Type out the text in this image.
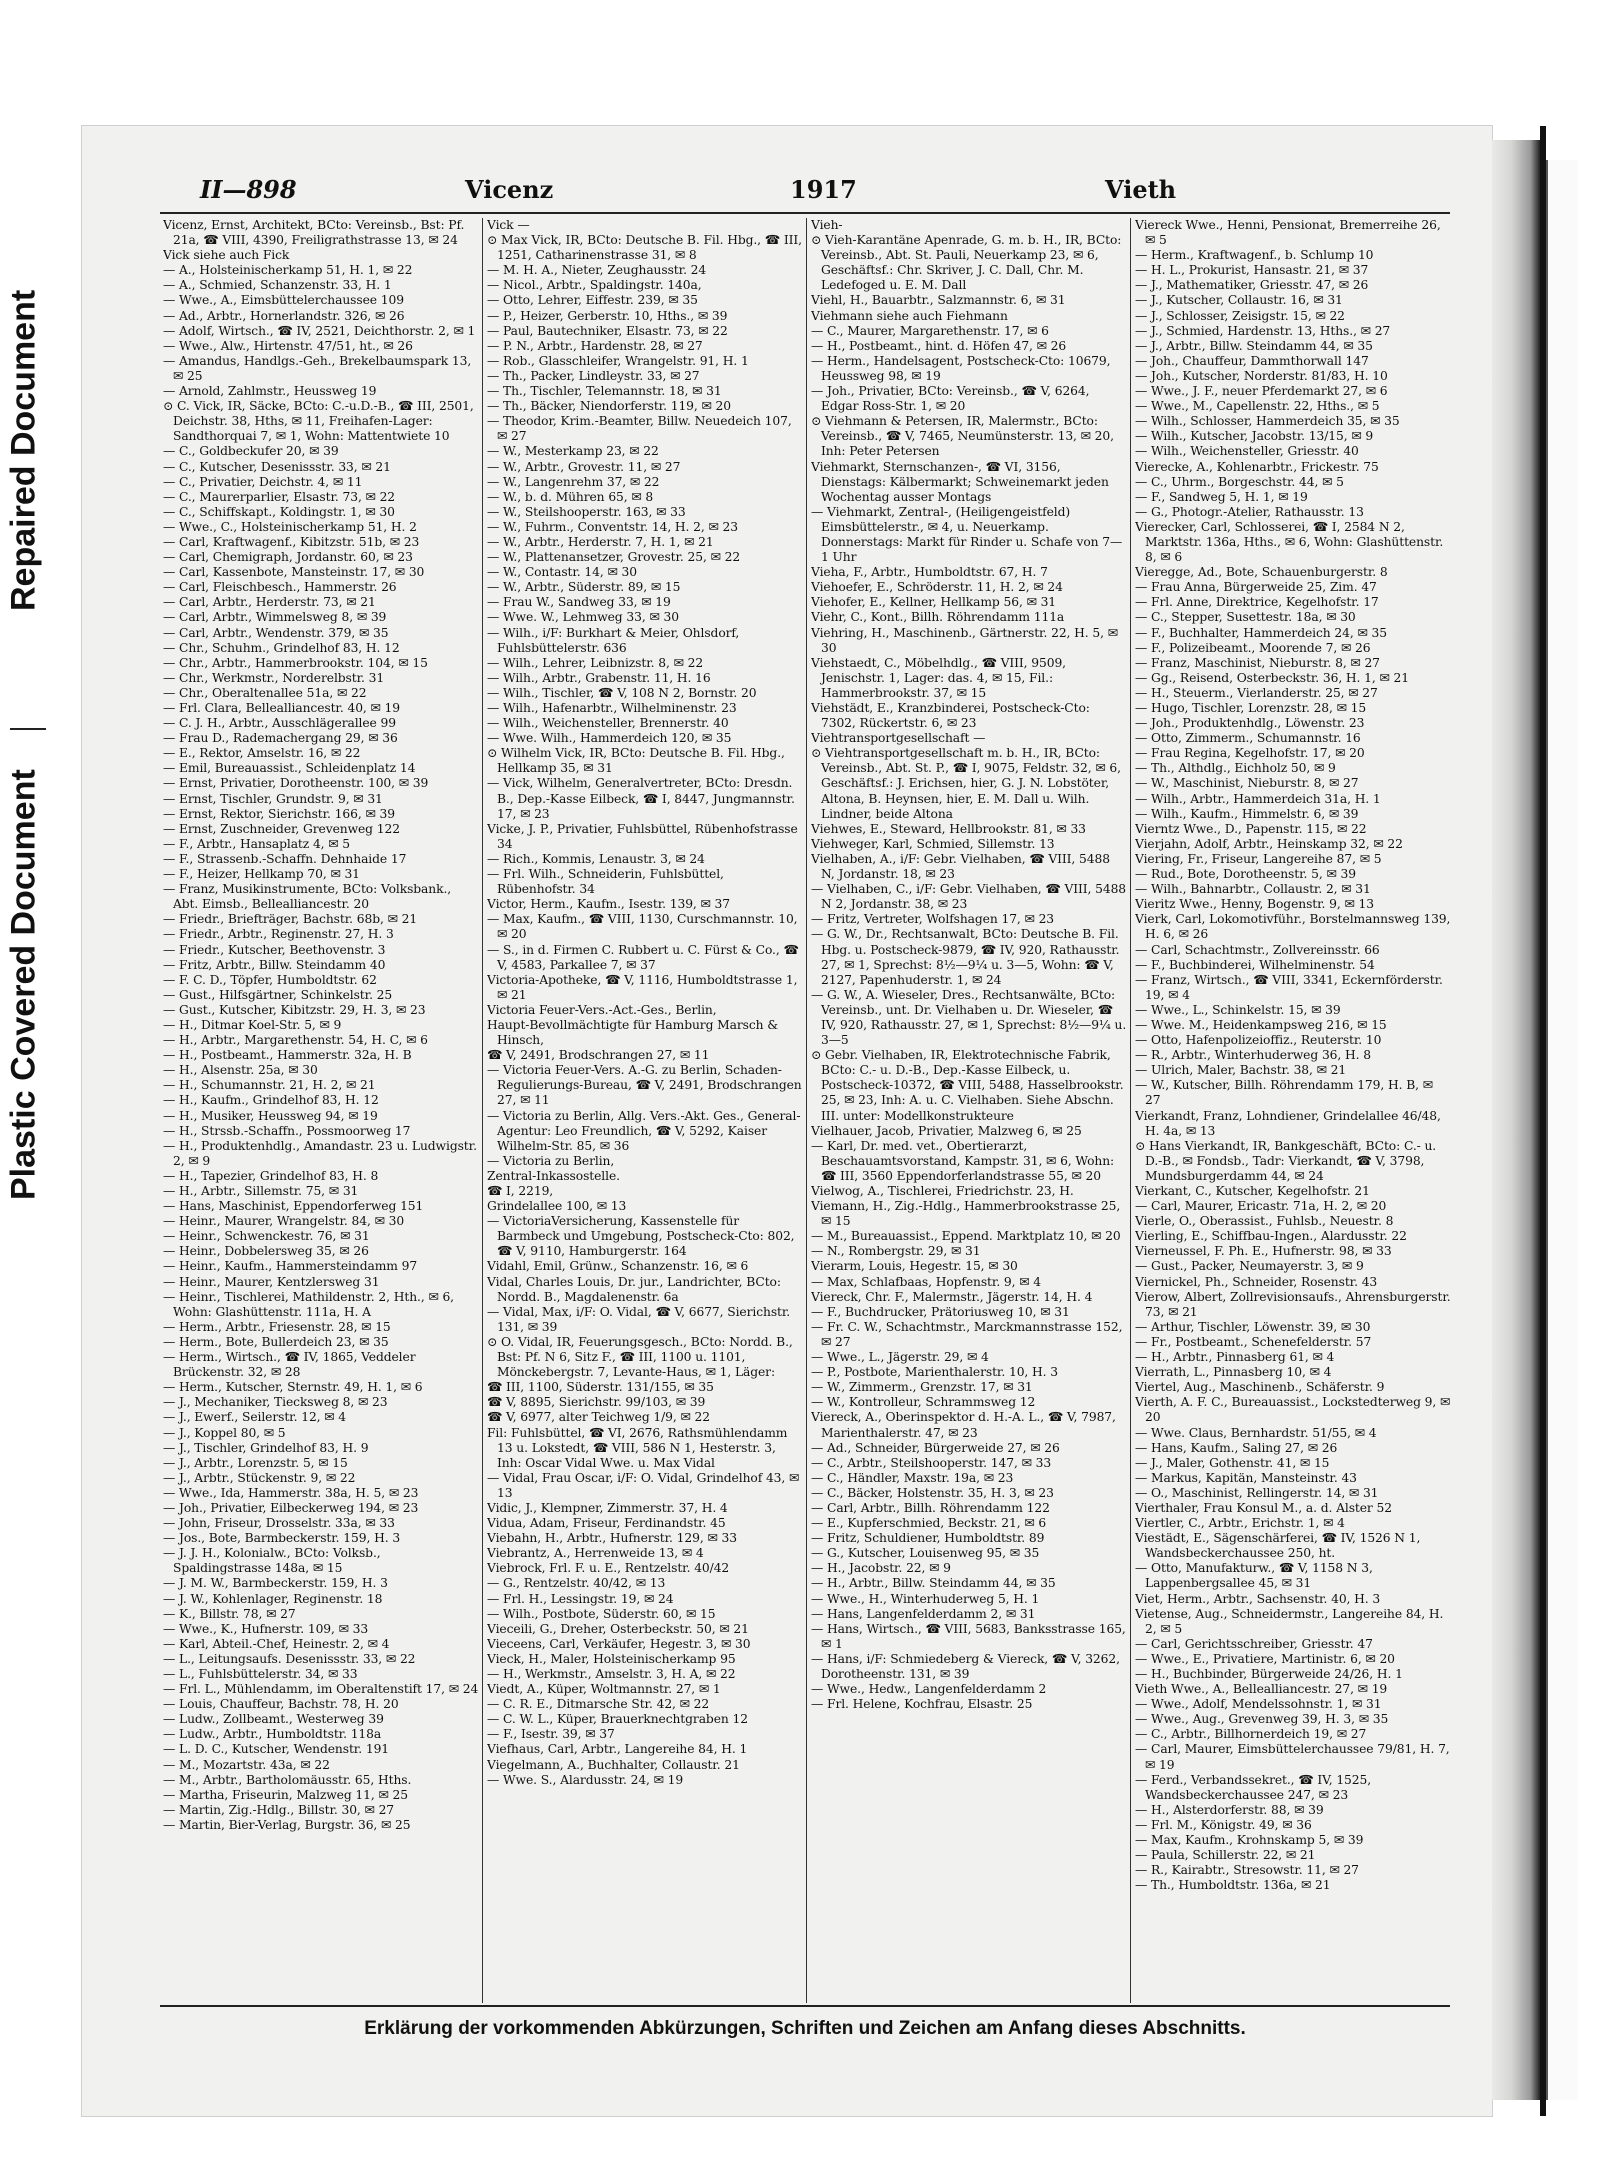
Repaired Document
Plastic Covered Document
II—898	Vicenz	1917	Vieth

Vicenz, Ernst, Architekt, BCto: Vereinsb., Bst: Pf. 21a, ☎ VIII, 4390, Freiligrathstrasse 13, ✉ 24

Vick siehe auch Fick

— A., Holsteinischerkamp 51, H. 1, ✉ 22

— A., Schmied, Schanzenstr. 33, H. 1

— Wwe., A., Eimsbüttelerchaussee 109

— Ad., Arbtr., Hornerlandstr. 326, ✉ 26

— Adolf, Wirtsch., ☎ IV, 2521, Deichthorstr. 2, ✉ 1

— Wwe., Alw., Hirtenstr. 47/51, ht., ✉ 26

— Amandus, Handlgs.-Geh., Brekelbaumspark 13, ✉ 25

— Arnold, Zahlmstr., Heussweg 19

⊙ C. Vick, IR, Säcke, BCto: C.-u.D.-B., ☎ III, 2501, Deichstr. 38, Hths, ✉ 11, Freihafen-Lager: Sandthorquai 7, ✉ 1, Wohn: Mattentwiete 10

— C., Goldbeckufer 20, ✉ 39

— C., Kutscher, Desenissstr. 33, ✉ 21

— C., Privatier, Deichstr. 4, ✉ 11

— C., Maurerparlier, Elsastr. 73, ✉ 22

— C., Schiffskapt., Koldingstr. 1, ✉ 30

— Wwe., C., Holsteinischerkamp 51, H. 2

— Carl, Kraftwagenf., Kibitzstr. 51b, ✉ 23

— Carl, Chemigraph, Jordanstr. 60, ✉ 23

— Carl, Kassenbote, Mansteinstr. 17, ✉ 30

— Carl, Fleischbesch., Hammerstr. 26

— Carl, Arbtr., Herderstr. 73, ✉ 21

— Carl, Arbtr., Wimmelsweg 8, ✉ 39

— Carl, Arbtr., Wendenstr. 379, ✉ 35

— Chr., Schuhm., Grindelhof 83, H. 12

— Chr., Arbtr., Hammerbrookstr. 104, ✉ 15

— Chr., Werkmstr., Norderelbstr. 31

— Chr., Oberaltenallee 51a, ✉ 22

— Frl. Clara, Bellealliancestr. 40, ✉ 19

— C. J. H., Arbtr., Ausschlägerallee 99

— Frau D., Rademachergang 29, ✉ 36

— E., Rektor, Amselstr. 16, ✉ 22

— Emil, Bureauassist., Schleidenplatz 14

— Ernst, Privatier, Dorotheenstr. 100, ✉ 39

— Ernst, Tischler, Grundstr. 9, ✉ 31

— Ernst, Rektor, Sierichstr. 166, ✉ 39

— Ernst, Zuschneider, Grevenweg 122

— F., Arbtr., Hansaplatz 4, ✉ 5

— F., Strassenb.-Schaffn. Dehnhaide 17

— F., Heizer, Hellkamp 70, ✉ 31

— Franz, Musikinstrumente, BCto: Volksbank., Abt. Eimsb., Bellealliancestr. 20

— Friedr., Briefträger, Bachstr. 68b, ✉ 21

— Friedr., Arbtr., Reginenstr. 27, H. 3

— Friedr., Kutscher, Beethovenstr. 3

— Fritz, Arbtr., Billw. Steindamm 40

— F. C. D., Töpfer, Humboldtstr. 62

— Gust., Hilfsgärtner, Schinkelstr. 25

— Gust., Kutscher, Kibitzstr. 29, H. 3, ✉ 23

— H., Ditmar Koel-Str. 5, ✉ 9

— H., Arbtr., Margarethenstr. 54, H. C, ✉ 6

— H., Postbeamt., Hammerstr. 32a, H. B

— H., Alsenstr. 25a, ✉ 30

— H., Schumannstr. 21, H. 2, ✉ 21

— H., Kaufm., Grindelhof 83, H. 12

— H., Musiker, Heussweg 94, ✉ 19

— H., Strssb.-Schaffn., Possmoorweg 17

— H., Produktenhdlg., Amandastr. 23 u. Ludwigstr. 2, ✉ 9

— H., Tapezier, Grindelhof 83, H. 8

— H., Arbtr., Sillemstr. 75, ✉ 31

— Hans, Maschinist, Eppendorferweg 151

— Heinr., Maurer, Wrangelstr. 84, ✉ 30

— Heinr., Schwenckestr. 76, ✉ 31

— Heinr., Dobbelersweg 35, ✉ 26

— Heinr., Kaufm., Hammersteindamm 97

— Heinr., Maurer, Kentzlersweg 31

— Heinr., Tischlerei, Mathildenstr. 2, Hth., ✉ 6, Wohn: Glashüttenstr. 111a, H. A

— Herm., Arbtr., Friesenstr. 28, ✉ 15

— Herm., Bote, Bullerdeich 23, ✉ 35

— Herm., Wirtsch., ☎ IV, 1865, Veddeler Brückenstr. 32, ✉ 28

— Herm., Kutscher, Sternstr. 49, H. 1, ✉ 6

— J., Mechaniker, Tiecksweg 8, ✉ 23

— J., Ewerf., Seilerstr. 12, ✉ 4

— J., Koppel 80, ✉ 5

— J., Tischler, Grindelhof 83, H. 9

— J., Arbtr., Lorenzstr. 5, ✉ 15

— J., Arbtr., Stückenstr. 9, ✉ 22

— Wwe., Ida, Hammerstr. 38a, H. 5, ✉ 23

— Joh., Privatier, Eilbeckerweg 194, ✉ 23

— John, Friseur, Drosselstr. 33a, ✉ 33

— Jos., Bote, Barmbeckerstr. 159, H. 3

— J. J. H., Kolonialw., BCto: Volksb., Spaldingstrasse 148a, ✉ 15

— J. M. W., Barmbeckerstr. 159, H. 3

— J. W., Kohlenlager, Reginenstr. 18

— K., Billstr. 78, ✉ 27

— Wwe., K., Hufnerstr. 109, ✉ 33

— Karl, Abteil.-Chef, Heinestr. 2, ✉ 4

— L., Leitungsaufs. Desenissstr. 33, ✉ 22

— L., Fuhlsbüttelerstr. 34, ✉ 33

— Frl. L., Mühlendamm, im Oberaltenstift 17, ✉ 24

— Louis, Chauffeur, Bachstr. 78, H. 20

— Ludw., Zollbeamt., Westerweg 39

— Ludw., Arbtr., Humboldtstr. 118a

— L. D. C., Kutscher, Wendenstr. 191

— M., Mozartstr. 43a, ✉ 22

— M., Arbtr., Bartholomäusstr. 65, Hths.

— Martha, Friseurin, Malzweg 11, ✉ 25

— Martin, Zig.-Hdlg., Billstr. 30, ✉ 27

— Martin, Bier-Verlag, Burgstr. 36, ✉ 25

Vick —

⊙ Max Vick, IR, BCto: Deutsche B. Fil. Hbg., ☎ III, 1251, Catharinenstrasse 31, ✉ 8

— M. H. A., Nieter, Zeughausstr. 24

— Nicol., Arbtr., Spaldingstr. 140a,

— Otto, Lehrer, Eiffestr. 239, ✉ 35

— P., Heizer, Gerberstr. 10, Hths., ✉ 39

— Paul, Bautechniker, Elsastr. 73, ✉ 22

— P. N., Arbtr., Hardenstr. 28, ✉ 27

— Rob., Glasschleifer, Wrangelstr. 91, H. 1

— Th., Packer, Lindleystr. 33, ✉ 27

— Th., Tischler, Telemannstr. 18, ✉ 31

— Th., Bäcker, Niendorferstr. 119, ✉ 20

— Theodor, Krim.-Beamter, Billw. Neuedeich 107, ✉ 27

— W., Mesterkamp 23, ✉ 22

— W., Arbtr., Grovestr. 11, ✉ 27

— W., Langenrehm 37, ✉ 22

— W., b. d. Mühren 65, ✉ 8

— W., Steilshooperstr. 163, ✉ 33

— W., Fuhrm., Conventstr. 14, H. 2, ✉ 23

— W., Arbtr., Herderstr. 7, H. 1, ✉ 21

— W., Plattenansetzer, Grovestr. 25, ✉ 22

— W., Contastr. 14, ✉ 30

— W., Arbtr., Süderstr. 89, ✉ 15

— Frau W., Sandweg 33, ✉ 19

— Wwe. W., Lehmweg 33, ✉ 30

— Wilh., i/F: Burkhart & Meier, Ohlsdorf, Fuhlsbüttelerstr. 636

— Wilh., Lehrer, Leibnizstr. 8, ✉ 22

— Wilh., Arbtr., Grabenstr. 11, H. 16

— Wilh., Tischler, ☎ V, 108 N 2, Bornstr. 20

— Wilh., Hafenarbtr., Wilhelminenstr. 23

— Wilh., Weichensteller, Brennerstr. 40

— Wwe. Wilh., Hammerdeich 120, ✉ 35

⊙ Wilhelm Vick, IR, BCto: Deutsche B. Fil. Hbg., Hellkamp 35, ✉ 31

— Vick, Wilhelm, Generalvertreter, BCto: Dresdn. B., Dep.-Kasse Eilbeck, ☎ I, 8447, Jungmannstr. 17, ✉ 23

Vicke, J. P., Privatier, Fuhlsbüttel, Rübenhofstrasse 34

— Rich., Kommis, Lenaustr. 3, ✉ 24

— Frl. Wilh., Schneiderin, Fuhlsbüttel, Rübenhofstr. 34

Victor, Herm., Kaufm., Isestr. 139, ✉ 37

— Max, Kaufm., ☎ VIII, 1130, Curschmannstr. 10, ✉ 20

— S., in d. Firmen C. Rubbert u. C. Fürst & Co., ☎ V, 4583, Parkallee 7, ✉ 37

Victoria-Apotheke, ☎ V, 1116, Humboldtstrasse 1, ✉ 21

Victoria Feuer-Vers.-Act.-Ges., Berlin,

Haupt-Bevollmächtigte für Hamburg Marsch & Hinsch,

☎ V, 2491, Brodschrangen 27, ✉ 11

— Victoria Feuer-Vers. A.-G. zu Berlin, Schaden-Regulierungs-Bureau, ☎ V, 2491, Brodschrangen 27, ✉ 11

— Victoria zu Berlin, Allg. Vers.-Akt. Ges., General-Agentur: Leo Freundlich, ☎ V, 5292, Kaiser Wilhelm-Str. 85, ✉ 36

— Victoria zu Berlin,

Zentral-Inkassostelle.

☎ I, 2219,

Grindelallee 100, ✉ 13

— VictoriaVersicherung, Kassenstelle für Barmbeck und Umgebung, Postscheck-Cto: 802, ☎ V, 9110, Hamburgerstr. 164

Vidahl, Emil, Grünw., Schanzenstr. 16, ✉ 6

Vidal, Charles Louis, Dr. jur., Landrichter, BCto: Nordd. B., Magdalenenstr. 6a

— Vidal, Max, i/F: O. Vidal, ☎ V, 6677, Sierichstr. 131, ✉ 39

⊙ O. Vidal, IR, Feuerungsgesch., BCto: Nordd. B., Bst: Pf. N 6, Sitz F., ☎ III, 1100 u. 1101, Mönckebergstr. 7, Levante-Haus, ✉ 1, Läger:

☎ III, 1100, Süderstr. 131/155, ✉ 35

☎ V, 8895, Sierichstr. 99/103, ✉ 39

☎ V, 6977, alter Teichweg 1/9, ✉ 22

Fil: Fuhlsbüttel, ☎ VI, 2676, Rathsmühlendamm 13 u. Lokstedt, ☎ VIII, 586 N 1, Hesterstr. 3, Inh: Oscar Vidal Wwe. u. Max Vidal

— Vidal, Frau Oscar, i/F: O. Vidal, Grindelhof 43, ✉ 13

Vidic, J., Klempner, Zimmerstr. 37, H. 4

Vidua, Adam, Friseur, Ferdinandstr. 45

Viebahn, H., Arbtr., Hufnerstr. 129, ✉ 33

Viebrantz, A., Herrenweide 13, ✉ 4

Viebrock, Frl. F. u. E., Rentzelstr. 40/42

— G., Rentzelstr. 40/42, ✉ 13

— Frl. H., Lessingstr. 19, ✉ 24

— Wilh., Postbote, Süderstr. 60, ✉ 15

Vieceili, G., Dreher, Osterbeckstr. 50, ✉ 21

Vieceens, Carl, Verkäufer, Hegestr. 3, ✉ 30

Vieck, H., Maler, Holsteinischerkamp 95

— H., Werkmstr., Amselstr. 3, H. A, ✉ 22

Viedt, A., Küper, Woltmannstr. 27, ✉ 1

— C. R. E., Ditmarsche Str. 42, ✉ 22

— C. W. L., Küper, Brauerknechtgraben 12

— F., Isestr. 39, ✉ 37

Viefhaus, Carl, Arbtr., Langereihe 84, H. 1

Viegelmann, A., Buchhalter, Collaustr. 21

— Wwe. S., Alardusstr. 24, ✉ 19

Vieh-

⊙ Vieh-Karantäne Apenrade, G. m. b. H., IR, BCto: Vereinsb., Abt. St. Pauli, Neuerkamp 23, ✉ 6, Geschäftsf.: Chr. Skriver, J. C. Dall, Chr. M. Ledefoged u. E. M. Dall

Viehl, H., Bauarbtr., Salzmannstr. 6, ✉ 31

Viehmann siehe auch Fiehmann

— C., Maurer, Margarethenstr. 17, ✉ 6

— H., Postbeamt., hint. d. Höfen 47, ✉ 26

— Herm., Handelsagent, Postscheck-Cto: 10679, Heussweg 98, ✉ 19

— Joh., Privatier, BCto: Vereinsb., ☎ V, 6264, Edgar Ross-Str. 1, ✉ 20

⊙ Viehmann & Petersen, IR, Malermstr., BCto: Vereinsb., ☎ V, 7465, Neumünsterstr. 13, ✉ 20, Inh: Peter Petersen

Viehmarkt, Sternschanzen-, ☎ VI, 3156, Dienstags: Kälbermarkt; Schweinemarkt jeden Wochentag ausser Montags

— Viehmarkt, Zentral-, (Heiligengeistfeld) Eimsbüttelerstr., ✉ 4, u. Neuerkamp. Donnerstags: Markt für Rinder u. Schafe von 7—1 Uhr

Vieha, F., Arbtr., Humboldtstr. 67, H. 7

Viehoefer, E., Schröderstr. 11, H. 2, ✉ 24

Viehofer, E., Kellner, Hellkamp 56, ✉ 31

Viehr, C., Kont., Billh. Röhrendamm 111a

Viehring, H., Maschinenb., Gärtnerstr. 22, H. 5, ✉ 30

Viehstaedt, C., Möbelhdlg., ☎ VIII, 9509, Jenischstr. 1, Lager: das. 4, ✉ 15, Fil.: Hammerbrookstr. 37, ✉ 15

Viehstädt, E., Kranzbinderei, Postscheck-Cto: 7302, Rückertstr. 6, ✉ 23

Viehtransportgesellschaft —

⊙ Viehtransportgesellschaft m. b. H., IR, BCto: Vereinsb., Abt. St. P., ☎ I, 9075, Feldstr. 32, ✉ 6, Geschäftsf.: J. Erichsen, hier, G. J. N. Lobstöter, Altona, B. Heynsen, hier, E. M. Dall u. Wilh. Lindner, beide Altona

Viehwes, E., Steward, Hellbrookstr. 81, ✉ 33

Viehweger, Karl, Schmied, Sillemstr. 13

Vielhaben, A., i/F: Gebr. Vielhaben, ☎ VIII, 5488 N, Jordanstr. 18, ✉ 23

— Vielhaben, C., i/F: Gebr. Vielhaben, ☎ VIII, 5488 N 2, Jordanstr. 38, ✉ 23

— Fritz, Vertreter, Wolfshagen 17, ✉ 23

— G. W., Dr., Rechtsanwalt, BCto: Deutsche B. Fil. Hbg. u. Postscheck-9879, ☎ IV, 920, Rathausstr. 27, ✉ 1, Sprechst: 8½—9¼ u. 3—5, Wohn: ☎ V, 2127, Papenhuderstr. 1, ✉ 24

— G. W., A. Wieseler, Dres., Rechtsanwälte, BCto: Vereinsb., unt. Dr. Vielhaben u. Dr. Wieseler, ☎ IV, 920, Rathausstr. 27, ✉ 1, Sprechst: 8½—9¼ u. 3—5

⊙ Gebr. Vielhaben, IR, Elektrotechnische Fabrik, BCto: C.- u. D.-B., Dep.-Kasse Eilbeck, u. Postscheck-10372, ☎ VIII, 5488, Hasselbrookstr. 25, ✉ 23, Inh: A. u. C. Vielhaben. Siehe Abschn. III. unter: Modellkonstrukteure

Vielhauer, Jacob, Privatier, Malzweg 6, ✉ 25

— Karl, Dr. med. vet., Obertierarzt, Beschauamtsvorstand, Kampstr. 31, ✉ 6, Wohn: ☎ III, 3560 Eppendorferlandstrasse 55, ✉ 20

Vielwog, A., Tischlerei, Friedrichstr. 23, H.

Viemann, H., Zig.-Hdlg., Hammerbrookstrasse 25, ✉ 15

— M., Bureauassist., Eppend. Marktplatz 10, ✉ 20

— N., Rombergstr. 29, ✉ 31

Vierarm, Louis, Hegestr. 15, ✉ 30

— Max, Schlafbaas, Hopfenstr. 9, ✉ 4

Viereck, Chr. F., Malermstr., Jägerstr. 14, H. 4

— F., Buchdrucker, Prätoriusweg 10, ✉ 31

— Fr. C. W., Schachtmstr., Marckmannstrasse 152, ✉ 27

— Wwe., L., Jägerstr. 29, ✉ 4

— P., Postbote, Marienthalerstr. 10, H. 3

— W., Zimmerm., Grenzstr. 17, ✉ 31

— W., Kontrolleur, Schrammsweg 12

Viereck, A., Oberinspektor d. H.-A. L., ☎ V, 7987, Marienthalerstr. 47, ✉ 23

— Ad., Schneider, Bürgerweide 27, ✉ 26

— C., Arbtr., Steilshooperstr. 147, ✉ 33

— C., Händler, Maxstr. 19a, ✉ 23

— C., Bäcker, Holstenstr. 35, H. 3, ✉ 23

— Carl, Arbtr., Billh. Röhrendamm 122

— E., Kupferschmied, Beckstr. 21, ✉ 6

— Fritz, Schuldiener, Humboldtstr. 89

— G., Kutscher, Louisenweg 95, ✉ 35

— H., Jacobstr. 22, ✉ 9

— H., Arbtr., Billw. Steindamm 44, ✉ 35

— Wwe., H., Winterhuderweg 5, H. 1

— Hans, Langenfelderdamm 2, ✉ 31

— Hans, Wirtsch., ☎ VIII, 5683, Banksstrasse 165, ✉ 1

— Hans, i/F: Schmiedeberg & Viereck, ☎ V, 3262, Dorotheenstr. 131, ✉ 39

— Wwe., Hedw., Langenfelderdamm 2

— Frl. Helene, Kochfrau, Elsastr. 25

Viereck Wwe., Henni, Pensionat, Bremerreihe 26, ✉ 5

— Herm., Kraftwagenf., b. Schlump 10

— H. L., Prokurist, Hansastr. 21, ✉ 37

— J., Mathematiker, Griesstr. 47, ✉ 26

— J., Kutscher, Collaustr. 16, ✉ 31

— J., Schlosser, Zeisigstr. 15, ✉ 22

— J., Schmied, Hardenstr. 13, Hths., ✉ 27

— J., Arbtr., Billw. Steindamm 44, ✉ 35

— Joh., Chauffeur, Dammthorwall 147

— Joh., Kutscher, Norderstr. 81/83, H. 10

— Wwe., J. F., neuer Pferdemarkt 27, ✉ 6

— Wwe., M., Capellenstr. 22, Hths., ✉ 5

— Wilh., Schlosser, Hammerdeich 35, ✉ 35

— Wilh., Kutscher, Jacobstr. 13/15, ✉ 9

— Wilh., Weichensteller, Griesstr. 40

Vierecke, A., Kohlenarbtr., Frickestr. 75

— C., Uhrm., Borgeschstr. 44, ✉ 5

— F., Sandweg 5, H. 1, ✉ 19

— G., Photogr.-Atelier, Rathausstr. 13

Vierecker, Carl, Schlosserei, ☎ I, 2584 N 2, Marktstr. 136a, Hths., ✉ 6, Wohn: Glashüttenstr. 8, ✉ 6

Vieregge, Ad., Bote, Schauenburgerstr. 8

— Frau Anna, Bürgerweide 25, Zim. 47

— Frl. Anne, Direktrice, Kegelhofstr. 17

— C., Stepper, Susettestr. 18a, ✉ 30

— F., Buchhalter, Hammerdeich 24, ✉ 35

— F., Polizeibeamt., Moorende 7, ✉ 26

— Franz, Maschinist, Nieburstr. 8, ✉ 27

— Gg., Reisend, Osterbeckstr. 36, H. 1, ✉ 21

— H., Steuerm., Vierlanderstr. 25, ✉ 27

— Hugo, Tischler, Lorenzstr. 28, ✉ 15

— Joh., Produktenhdlg., Löwenstr. 23

— Otto, Zimmerm., Schumannstr. 16

— Frau Regina, Kegelhofstr. 17, ✉ 20

— Th., Althdlg., Eichholz 50, ✉ 9

— W., Maschinist, Nieburstr. 8, ✉ 27

— Wilh., Arbtr., Hammerdeich 31a, H. 1

— Wilh., Kaufm., Himmelstr. 6, ✉ 39

Vierntz Wwe., D., Papenstr. 115, ✉ 22

Vierjahn, Adolf, Arbtr., Heinskamp 32, ✉ 22

Viering, Fr., Friseur, Langereihe 87, ✉ 5

— Rud., Bote, Dorotheenstr. 5, ✉ 39

— Wilh., Bahnarbtr., Collaustr. 2, ✉ 31

Vieritz Wwe., Henny, Bogenstr. 9, ✉ 13

Vierk, Carl, Lokomotivführ., Borstelmannsweg 139, H. 6, ✉ 26

— Carl, Schachtmstr., Zollvereinsstr. 66

— F., Buchbinderei, Wilhelminenstr. 54

— Franz, Wirtsch., ☎ VIII, 3341, Eckernförderstr. 19, ✉ 4

— Wwe., L., Schinkelstr. 15, ✉ 39

— Wwe. M., Heidenkampsweg 216, ✉ 15

— Otto, Hafenpolizeioffiz., Reuterstr. 10

— R., Arbtr., Winterhuderweg 36, H. 8

— Ulrich, Maler, Bachstr. 38, ✉ 21

— W., Kutscher, Billh. Röhrendamm 179, H. B, ✉ 27

Vierkandt, Franz, Lohndiener, Grindelallee 46/48, H. 4a, ✉ 13

⊙ Hans Vierkandt, IR, Bankgeschäft, BCto: C.- u. D.-B., ✉ Fondsb., Tadr: Vierkandt, ☎ V, 3798, Mundsburgerdamm 44, ✉ 24

Vierkant, C., Kutscher, Kegelhofstr. 21

— Carl, Maurer, Ericastr. 71a, H. 2, ✉ 20

Vierle, O., Oberassist., Fuhlsb., Neuestr. 8

Vierling, E., Schiffbau-Ingen., Alardusstr. 22

Vierneussel, F. Ph. E., Hufnerstr. 98, ✉ 33

— Gust., Packer, Neumayerstr. 3, ✉ 9

Viernickel, Ph., Schneider, Rosenstr. 43

Vierow, Albert, Zollrevisionsaufs., Ahrensburgerstr. 73, ✉ 21

— Arthur, Tischler, Löwenstr. 39, ✉ 30

— Fr., Postbeamt., Schenefelderstr. 57

— H., Arbtr., Pinnasberg 61, ✉ 4

Vierrath, L., Pinnasberg 10, ✉ 4

Viertel, Aug., Maschinenb., Schäferstr. 9

Vierth, A. F. C., Bureauassist., Lockstedterweg 9, ✉ 20

— Wwe. Claus, Bernhardstr. 51/55, ✉ 4

— Hans, Kaufm., Saling 27, ✉ 26

— J., Maler, Gothenstr. 41, ✉ 15

— Markus, Kapitän, Mansteinstr. 43

— O., Maschinist, Rellingerstr. 14, ✉ 31

Vierthaler, Frau Konsul M., a. d. Alster 52

Viertler, C., Arbtr., Erichstr. 1, ✉ 4

Viestädt, E., Sägenschärferei, ☎ IV, 1526 N 1, Wandsbeckerchaussee 250, ht.

— Otto, Manufakturw., ☎ V, 1158 N 3, Lappenbergsallee 45, ✉ 31

Viet, Herm., Arbtr., Sachsenstr. 40, H. 3

Vietense, Aug., Schneidermstr., Langereihe 84, H. 2, ✉ 5

— Carl, Gerichtsschreiber, Griesstr. 47

— Wwe., E., Privatiere, Martinistr. 6, ✉ 20

— H., Buchbinder, Bürgerweide 24/26, H. 1

Vieth Wwe., A., Bellealliancestr. 27, ✉ 19

— Wwe., Adolf, Mendelssohnstr. 1, ✉ 31

— Wwe., Aug., Grevenweg 39, H. 3, ✉ 35

— C., Arbtr., Billhornerdeich 19, ✉ 27

— Carl, Maurer, Eimsbüttelerchaussee 79/81, H. 7, ✉ 19

— Ferd., Verbandssekret., ☎ IV, 1525, Wandsbeckerchaussee 247, ✉ 23

— H., Alsterdorferstr. 88, ✉ 39

— Frl. M., Königstr. 49, ✉ 36

— Max, Kaufm., Krohnskamp 5, ✉ 39

— Paula, Schillerstr. 22, ✉ 21

— R., Kairabtr., Stresowstr. 11, ✉ 27

— Th., Humboldtstr. 136a, ✉ 21

Erklärung der vorkommenden Abkürzungen, Schriften und Zeichen am Anfang dieses Abschnitts.
